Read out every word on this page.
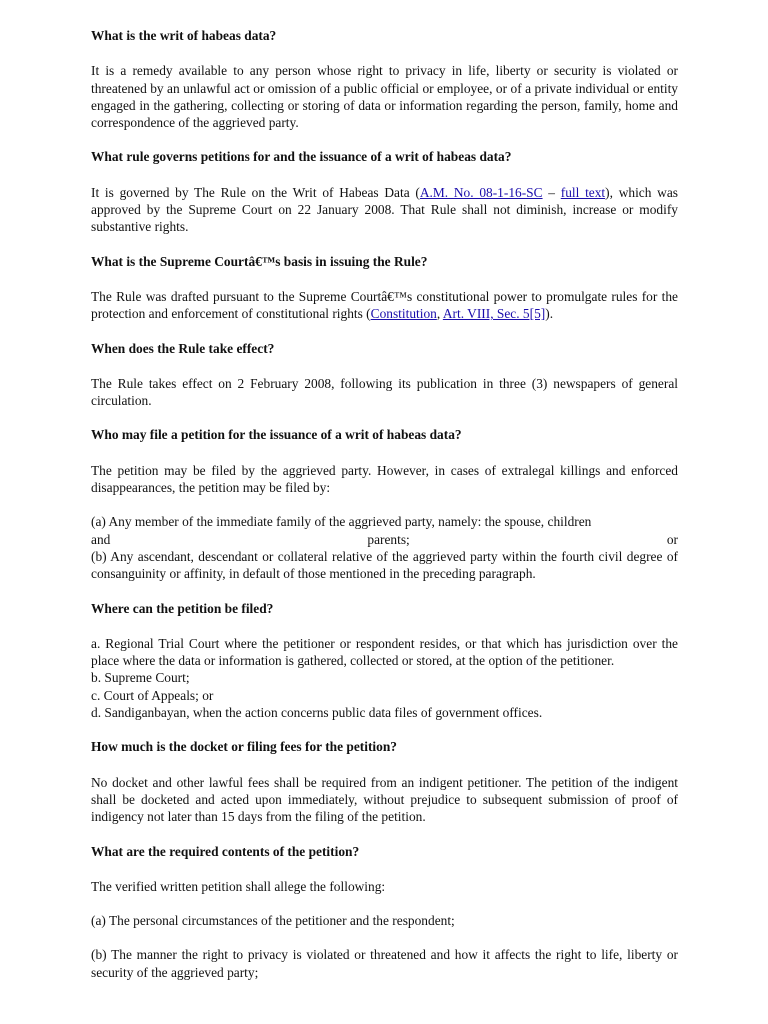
What is the writ of habeas data?
It is a remedy available to any person whose right to privacy in life, liberty or security is violated or threatened by an unlawful act or omission of a public official or employee, or of a private individual or entity engaged in the gathering, collecting or storing of data or information regarding the person, family, home and correspondence of the aggrieved party.
What rule governs petitions for and the issuance of a writ of habeas data?
It is governed by The Rule on the Writ of Habeas Data (A.M. No. 08-1-16-SC – full text), which was approved by the Supreme Court on 22 January 2008. That Rule shall not diminish, increase or modify substantive rights.
What is the Supreme Courtâ€™s basis in issuing the Rule?
The Rule was drafted pursuant to the Supreme Courtâ€™s constitutional power to promulgate rules for the protection and enforcement of constitutional rights (Constitution, Art. VIII, Sec. 5[5]).
When does the Rule take effect?
The Rule takes effect on 2 February 2008, following its publication in three (3) newspapers of general circulation.
Who may file a petition for the issuance of a writ of habeas data?
The petition may be filed by the aggrieved party. However, in cases of extralegal killings and enforced disappearances, the petition may be filed by:
(a) Any member of the immediate family of the aggrieved party, namely: the spouse, children
and	parents;	or
(b) Any ascendant, descendant or collateral relative of the aggrieved party within the fourth civil degree of consanguinity or affinity, in default of those mentioned in the preceding paragraph.
Where can the petition be filed?
a. Regional Trial Court where the petitioner or respondent resides, or that which has jurisdiction over the place where the data or information is gathered, collected or stored, at the option of the petitioner.
b. Supreme Court;
c. Court of Appeals; or
d. Sandiganbayan, when the action concerns public data files of government offices.
How much is the docket or filing fees for the petition?
No docket and other lawful fees shall be required from an indigent petitioner. The petition of the indigent shall be docketed and acted upon immediately, without prejudice to subsequent submission of proof of indigency not later than 15 days from the filing of the petition.
What are the required contents of the petition?
The verified written petition shall allege the following:
(a) The personal circumstances of the petitioner and the respondent;
(b) The manner the right to privacy is violated or threatened and how it affects the right to life, liberty or security of the aggrieved party;
